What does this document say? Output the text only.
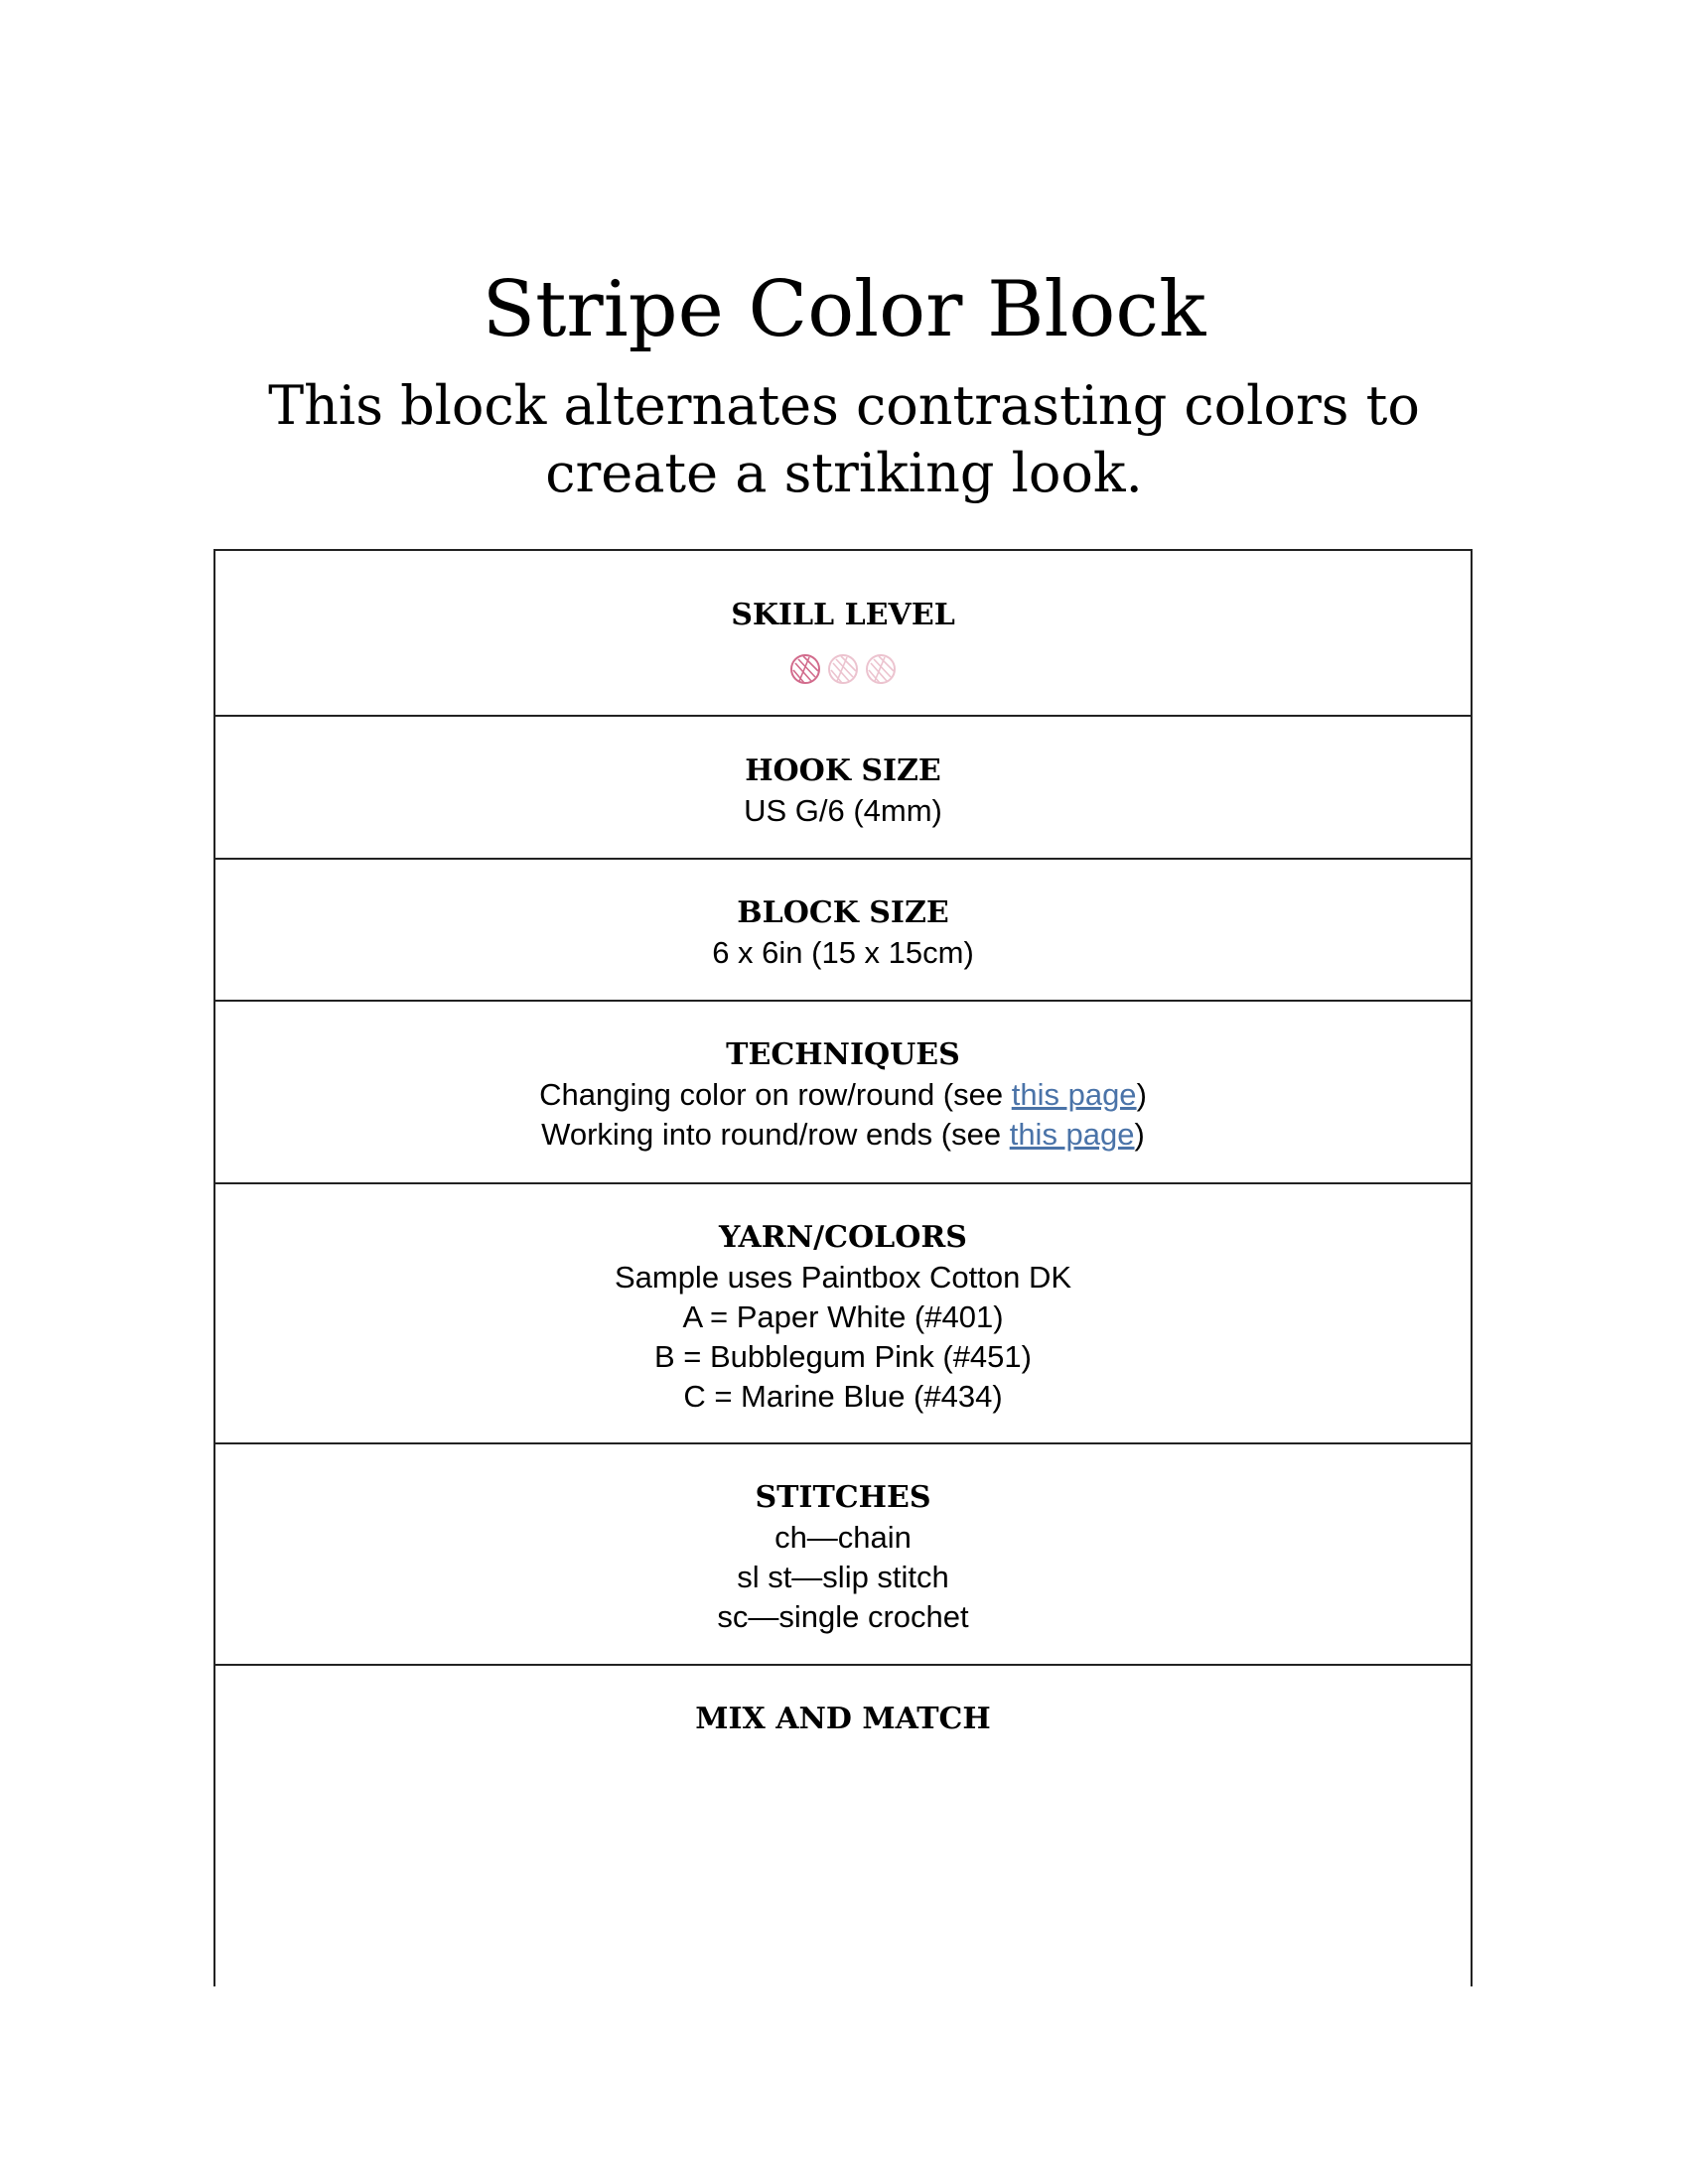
Stripe Color Block
This block alternates contrasting colors to
create a striking look.
SKILL LEVEL
HOOK SIZE
US G/6 (4mm)
BLOCK SIZE
6 x 6in (15 x 15cm)
TECHNIQUES
Changing color on row/round (see this page)
Working into round/row ends (see this page)
YARN/COLORS
Sample uses Paintbox Cotton DK
A = Paper White (#401)
B = Bubblegum Pink (#451)
C = Marine Blue (#434)
STITCHES
ch—chain
sl st—slip stitch
sc—single crochet
MIX AND MATCH
